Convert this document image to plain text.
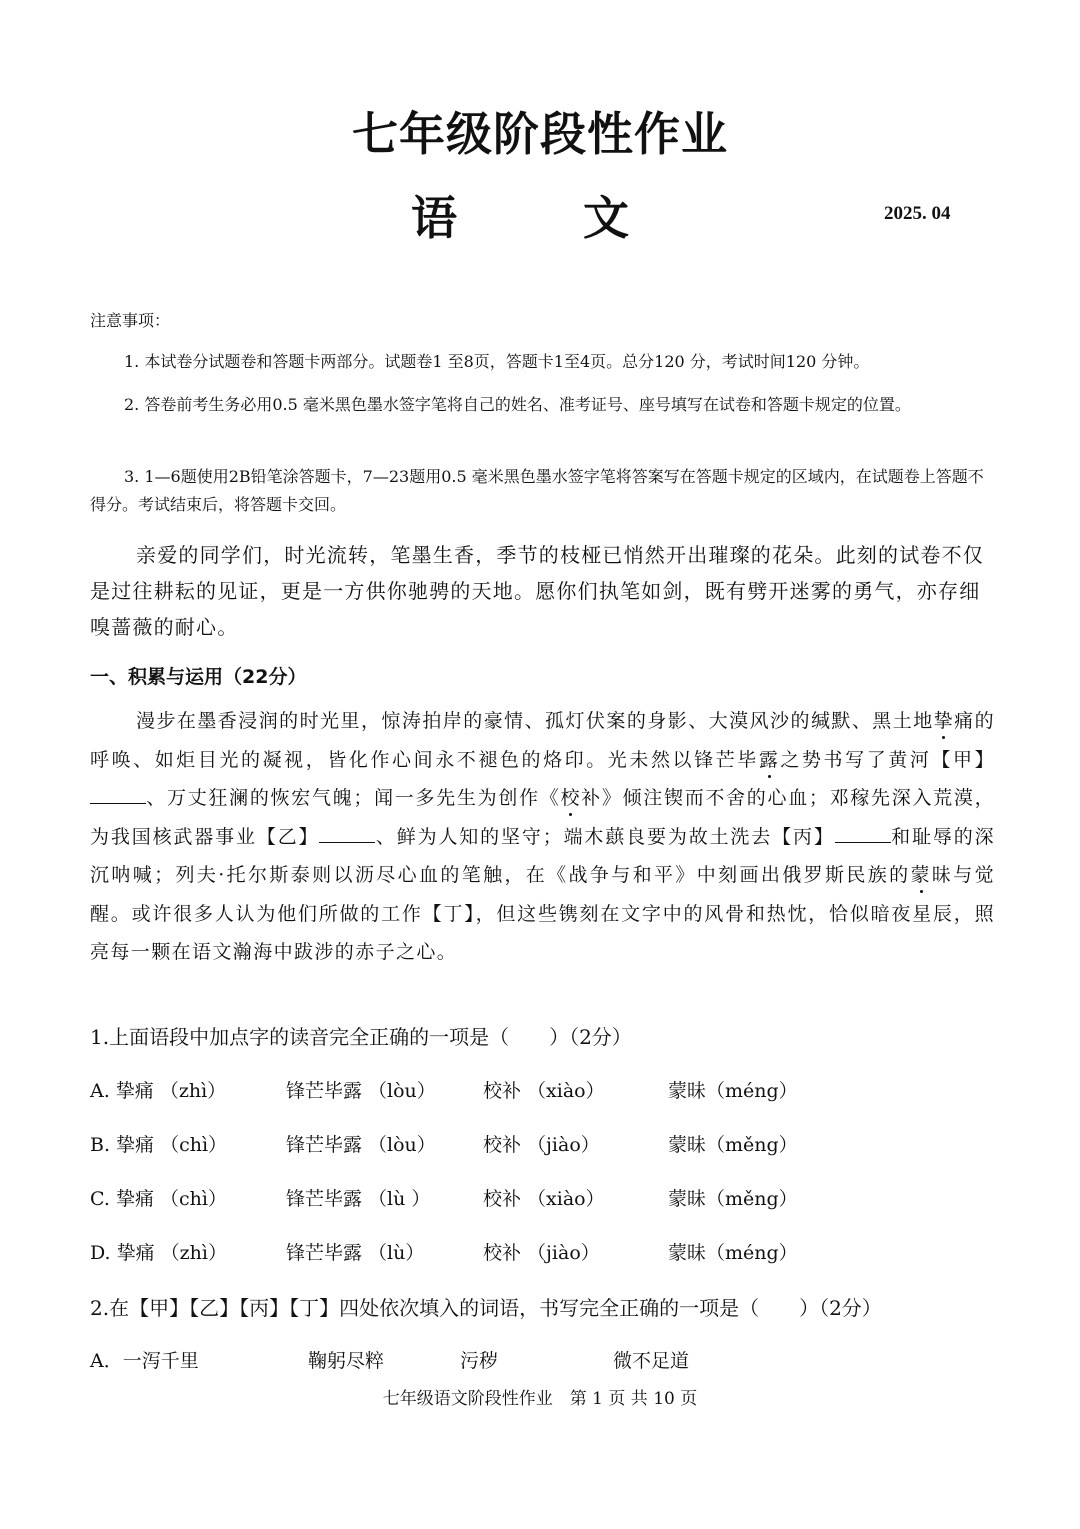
七年级阶段性作业
语　文	2025. 04
注意事项：
1. 本试卷分试题卷和答题卡两部分。试题卷1 至8页，答题卡1至4页。总分120 分，考试时间120 分钟。
2. 答卷前考生务必用0.5 毫米黑色墨水签字笔将自己的姓名、准考证号、座号填写在试卷和答题卡规定的位置。
3. 1—6题使用2B铅笔涂答题卡，7—23题用0.5 毫米黑色墨水签字笔将答案写在答题卡规定的区域内，在试题卷上答题不得分。考试结束后，将答题卡交回。
亲爱的同学们，时光流转，笔墨生香，季节的枝桠已悄然开出璀璨的花朵。此刻的试卷不仅是过往耕耘的见证，更是一方供你驰骋的天地。愿你们执笔如剑，既有劈开迷雾的勇气，亦存细嗅蔷薇的耐心。
一、积累与运用（22分）
漫步在墨香浸润的时光里，惊涛拍岸的豪情、孤灯伏案的身影、大漠风沙的缄默、黑土地挚痛的呼唤、如炬目光的凝视，皆化作心间永不褪色的烙印。光未然以锋芒毕露之势书写了黄河【甲】、万丈狂澜的恢宏气魄；闻一多先生为创作《校补》倾注锲而不舍的心血；邓稼先深入荒漠，为我国核武器事业【乙】	、鲜为人知的坚守；端木蕻良要为故土洗去【丙】	和耻辱的深沉呐喊；列夫·托尔斯泰则以沥尽心血的笔触，在《战争与和平》中刻画出俄罗斯民族的蒙昧与觉醒。或许很多人认为他们所做的工作【丁】，但这些镌刻在文字中的风骨和热忱，恰似暗夜星辰，照亮每一颗在语文瀚海中跋涉的赤子之心。
1.上面语段中加点字的读音完全正确的一项是（　　）（2分）
A. 挚痛 （zhì）	锋芒毕露 （lòu） 校补 （xiào）	蒙昧（méng）
B. 挚痛 （chì）	锋芒毕露 （lòu） 校补 （jiào）	蒙昧（měng）
C. 挚痛 （chì）	锋芒毕露 （lù ）	校补 （xiào）	蒙昧（měng）
D. 挚痛 （zhì）	锋芒毕露 （lù）	校补 （jiào）	蒙昧（méng）
2.在【甲】【乙】【丙】【丁】四处依次填入的词语，书写完全正确的一项是（　　）（2分）
A．一泻千里	鞠躬尽粹	污秽	微不足道
七年级语文阶段性作业　第 1 页 共 10 页
